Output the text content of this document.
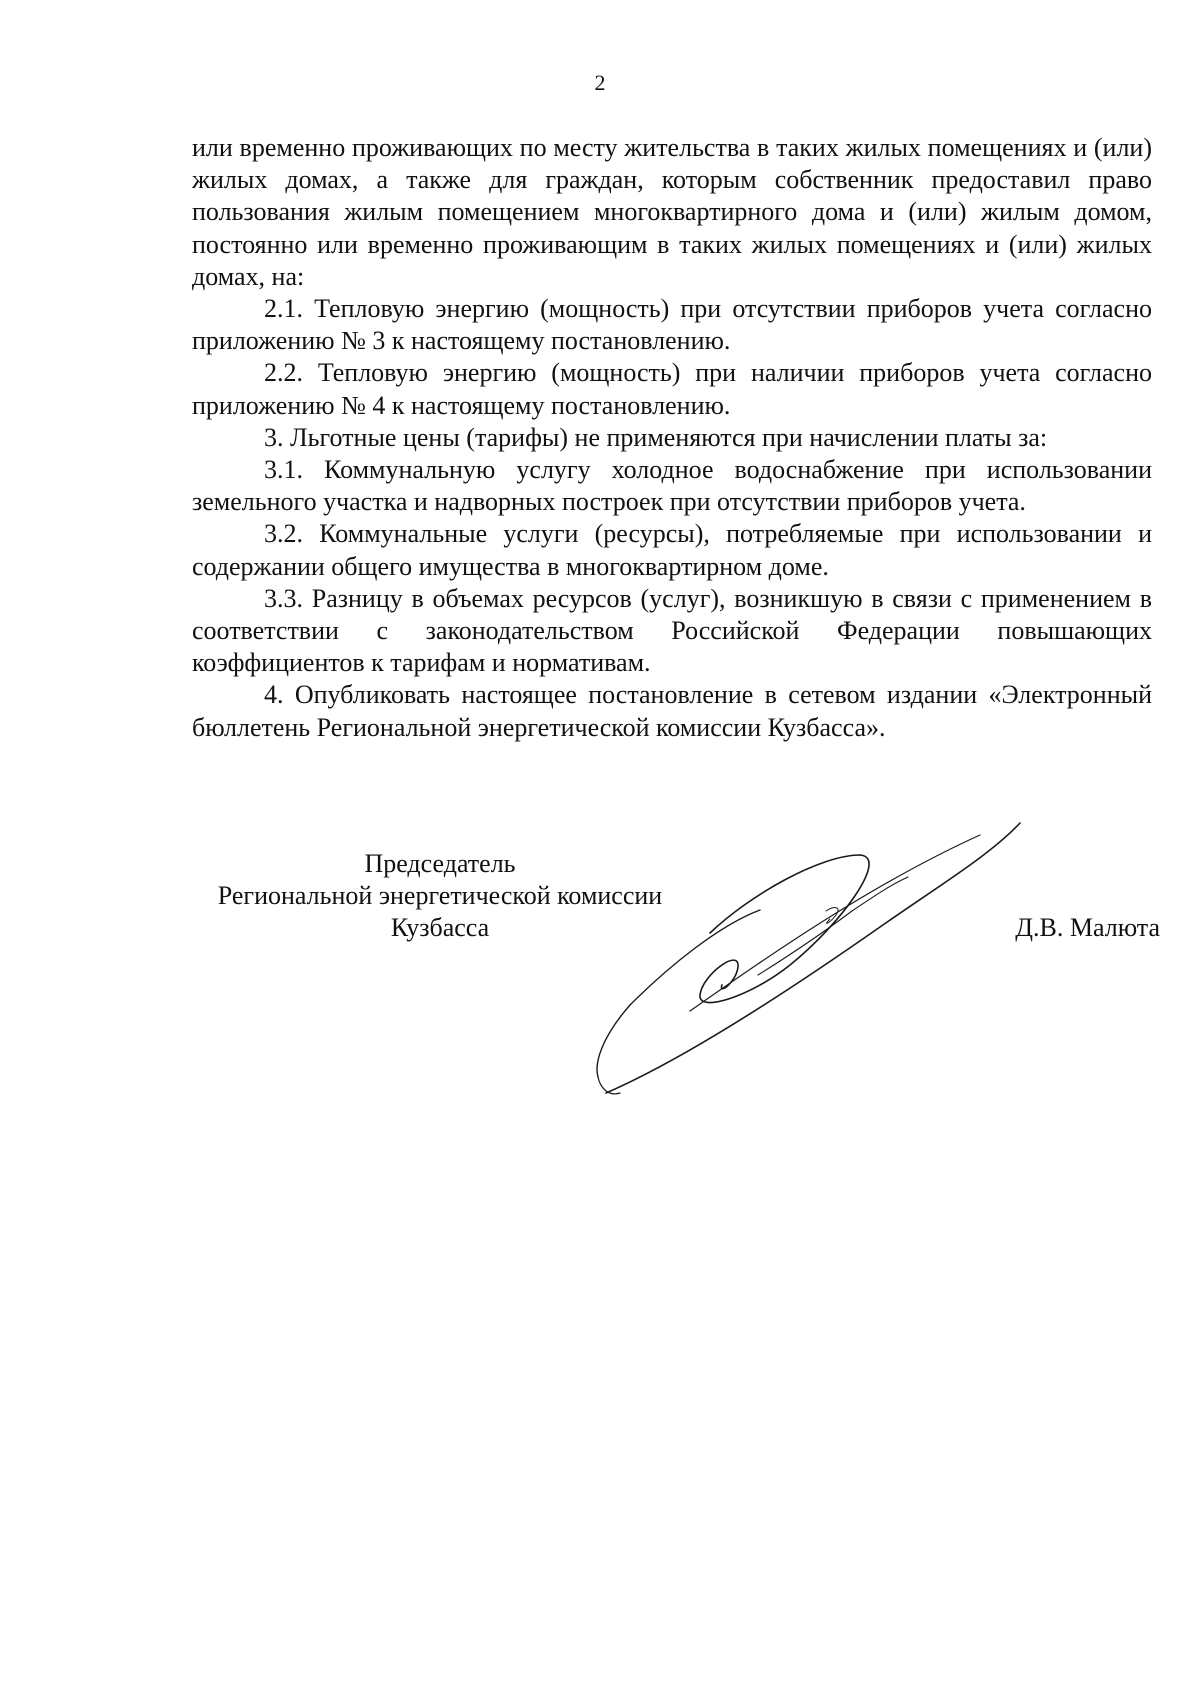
2

или временно проживающих по месту жительства в таких жилых помещениях и (или) жилых домах, а также для граждан, которым собственник предоставил право пользования жилым помещением многоквартирного дома и (или) жилым домом, постоянно или временно проживающим в таких жилых помещениях и (или) жилых домах, на:

2.1. Тепловую энергию (мощность) при отсутствии приборов учета согласно приложению № 3 к настоящему постановлению.

2.2. Тепловую энергию (мощность) при наличии приборов учета согласно приложению № 4 к настоящему постановлению.

3. Льготные цены (тарифы) не применяются при начислении платы за:

3.1. Коммунальную услугу холодное водоснабжение при использовании земельного участка и надворных построек при отсутствии приборов учета.

3.2. Коммунальные услуги (ресурсы), потребляемые при использовании и содержании общего имущества в многоквартирном доме.

3.3. Разницу в объемах ресурсов (услуг), возникшую в связи с применением в соответствии с законодательством Российской Федерации повышающих коэффициентов к тарифам и нормативам.

4. Опубликовать настоящее постановление в сетевом издании «Электронный бюллетень Региональной энергетической комиссии Кузбасса».

Председатель
Региональной энергетической комиссии
Кузбасса	Д.В. Малюта
